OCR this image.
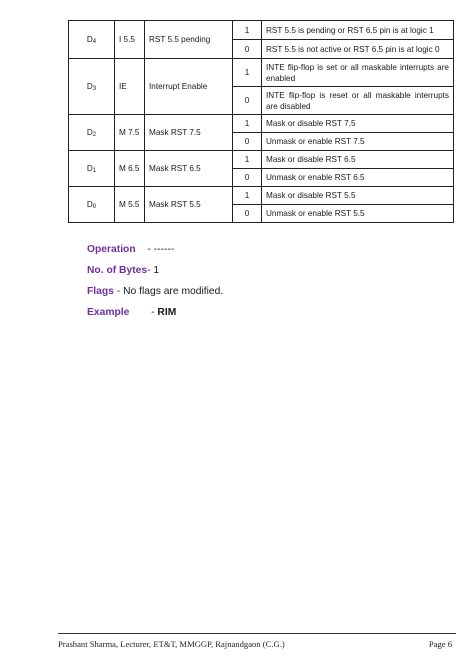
$D_4$	I 5.5	RST 5.5 pending	1	RST 5.5 is pending or RST 6.5 pin is at logic 1
			0	RST 5.5 is not active or RST 6.5 pin is at logic 0
$D_3$	IE	Interrupt Enable	1	INTE flip-flop is set or all maskable interrupts are enabled
			0	INTE flip-flop is reset or all maskable interrupts are disabled
$D_2$	M 7.5	Mask RST 7.5	1	Mask or disable RST 7.5
			0	Unmask or enable RST 7.5
$D_1$	M 6.5	Mask RST 6.5	1	Mask or disable RST 6.5
			0	Unmask or enable RST 6.5
$D_0$	M 5.5	Mask RST 5.5	1	Mask or disable RST 5.5
			0	Unmask or enable RST 5.5
Operation - ------
No. of Bytes- 1
Flags - No flags are modified.
Example - RIM
Prashant Sharma, Lecturer, ET&T, MMGGP, Rajnandgaon (C.G.)	Page 6
